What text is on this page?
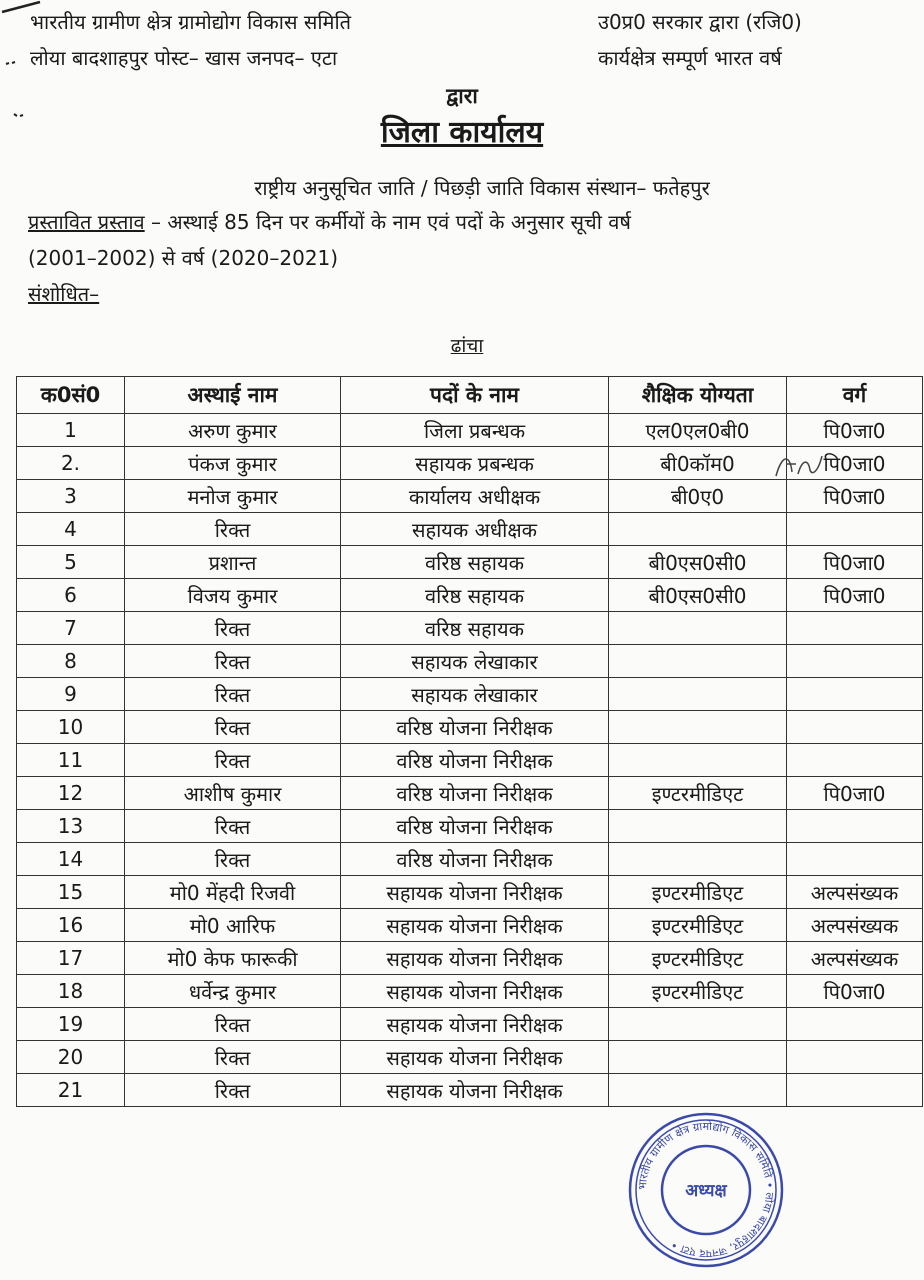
भारतीय ग्रामीण क्षेत्र ग्रामोद्योग विकास समिति
लोया बादशाहपुर पोस्ट– खास जनपद– एटा
उ0प्र0 सरकार द्वारा (रजि0)
कार्यक्षेत्र सम्पूर्ण भारत वर्ष
द्वारा
जिला कार्यालय
राष्ट्रीय अनुसूचित जाति / पिछड़ी जाति विकास संस्थान– फतेहपुर
प्रस्तावित प्रस्ताव – अस्थाई 85 दिन पर कर्मीयों के नाम एवं पदों के अनुसार सूची वर्ष
(2001–2002) से वर्ष (2020–2021)
संशोधित–
ढांचा
क0सं0	अस्थाई नाम	पदों के नाम	शैक्षिक योग्यता	वर्ग
1	अरुण कुमार	जिला प्रबन्धक	एल0एल0बी0	पि0जा0
2.	पंकज कुमार	सहायक प्रबन्धक	बी0कॉम0	पि0जा0
3	मनोज कुमार	कार्यालय अधीक्षक	बी0ए0	पि0जा0
4	रिक्त	सहायक अधीक्षक		
5	प्रशान्त	वरिष्ठ सहायक	बी0एस0सी0	पि0जा0
6	विजय कुमार	वरिष्ठ सहायक	बी0एस0सी0	पि0जा0
7	रिक्त	वरिष्ठ सहायक		
8	रिक्त	सहायक लेखाकार		
9	रिक्त	सहायक लेखाकार		
10	रिक्त	वरिष्ठ योजना निरीक्षक		
11	रिक्त	वरिष्ठ योजना निरीक्षक		
12	आशीष कुमार	वरिष्ठ योजना निरीक्षक	इण्टरमीडिएट	पि0जा0
13	रिक्त	वरिष्ठ योजना निरीक्षक		
14	रिक्त	वरिष्ठ योजना निरीक्षक		
15	मो0 मेंहदी रिजवी	सहायक योजना निरीक्षक	इण्टरमीडिएट	अल्पसंख्यक
16	मो0 आरिफ	सहायक योजना निरीक्षक	इण्टरमीडिएट	अल्पसंख्यक
17	मो0 केफ फारूकी	सहायक योजना निरीक्षक	इण्टरमीडिएट	अल्पसंख्यक
18	धर्वेन्द्र कुमार	सहायक योजना निरीक्षक	इण्टरमीडिएट	पि0जा0
19	रिक्त	सहायक योजना निरीक्षक		
20	रिक्त	सहायक योजना निरीक्षक		
21	रिक्त	सहायक योजना निरीक्षक		
भारतीय ग्रामीण क्षेत्र ग्रामोद्योग विकास समिति • लोया बादशाहपुर, जनपद एटा •
अध्यक्ष
